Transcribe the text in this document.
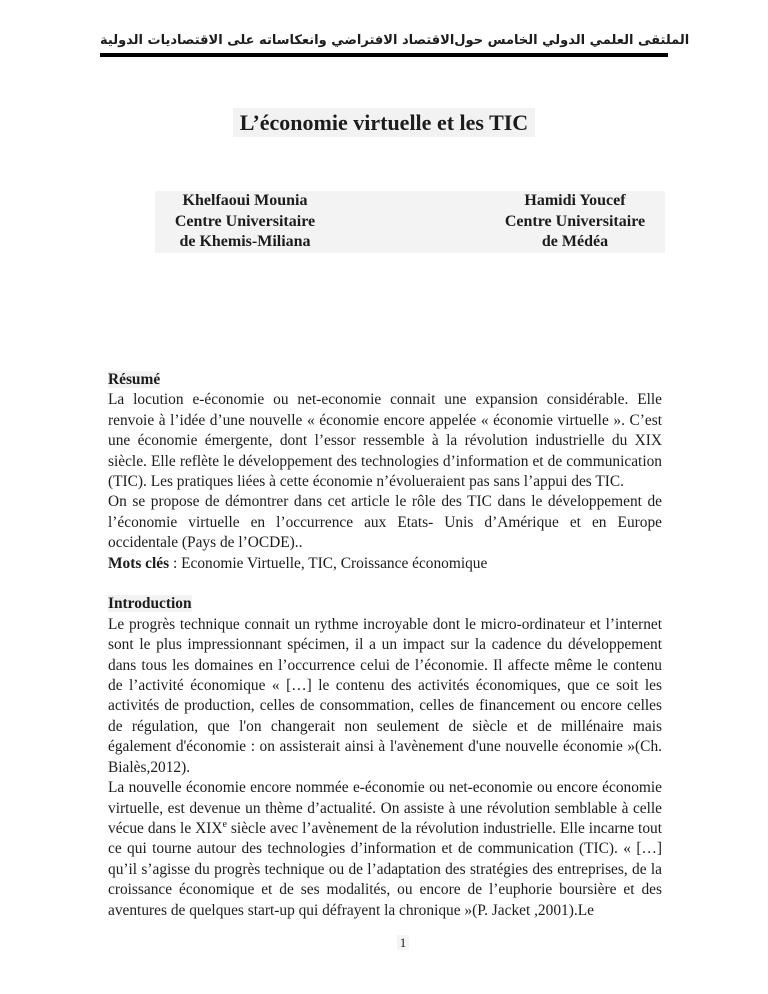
الاقتصاد الافتراضي وانعكاساته على الاقتصاديات الدولية الملتقى العلمي الدولي الخامس حول
L’économie virtuelle et les TIC
Khelfaoui Mounia
Centre Universitaire
de Khemis-Miliana
Hamidi Youcef
Centre Universitaire
de Médéa

Résumé

La locution e-économie ou net-economie connait une expansion considérable. Elle renvoie à l’idée d’une nouvelle « économie encore appelée « économie virtuelle ». C’est une économie émergente, dont l’essor ressemble à la révolution industrielle du XIX siècle. Elle reflète le développement des technologies d’information et de communication (TIC). Les pratiques liées à cette économie n’évolueraient pas sans l’appui des TIC.

On se propose de démontrer dans cet article le rôle des TIC dans le développement de l’économie virtuelle en l’occurrence aux Etats- Unis d’Amérique et en Europe occidentale (Pays de l’OCDE)..

Mots clés : Economie Virtuelle, TIC, Croissance économique

Introduction

Le progrès technique connait un rythme incroyable dont le micro-ordinateur et l’internet sont le plus impressionnant spécimen, il a un impact sur la cadence du développement dans tous les domaines en l’occurrence celui de l’économie. Il affecte même le contenu de l’activité économique « […] le contenu des activités économiques, que ce soit les activités de production, celles de consommation, celles de financement ou encore celles de régulation, que l'on changerait non seulement de siècle et de millénaire mais également d'économie : on assisterait ainsi à l'avènement d'une nouvelle économie »(Ch. Bialès,2012).

La nouvelle économie encore nommée e-économie ou net-economie ou encore économie virtuelle, est devenue un thème d’actualité. On assiste à une révolution semblable à celle vécue dans le XIXe siècle avec l’avènement de la révolution industrielle. Elle incarne tout ce qui tourne autour des technologies d’information et de communication (TIC). « […] qu’il s’agisse du progrès technique ou de l’adaptation des stratégies des entreprises, de la croissance économique et de ses modalités, ou encore de l’euphorie boursière et des aventures de quelques start-up qui défrayent la chronique »(P. Jacket ,2001).Le

1
